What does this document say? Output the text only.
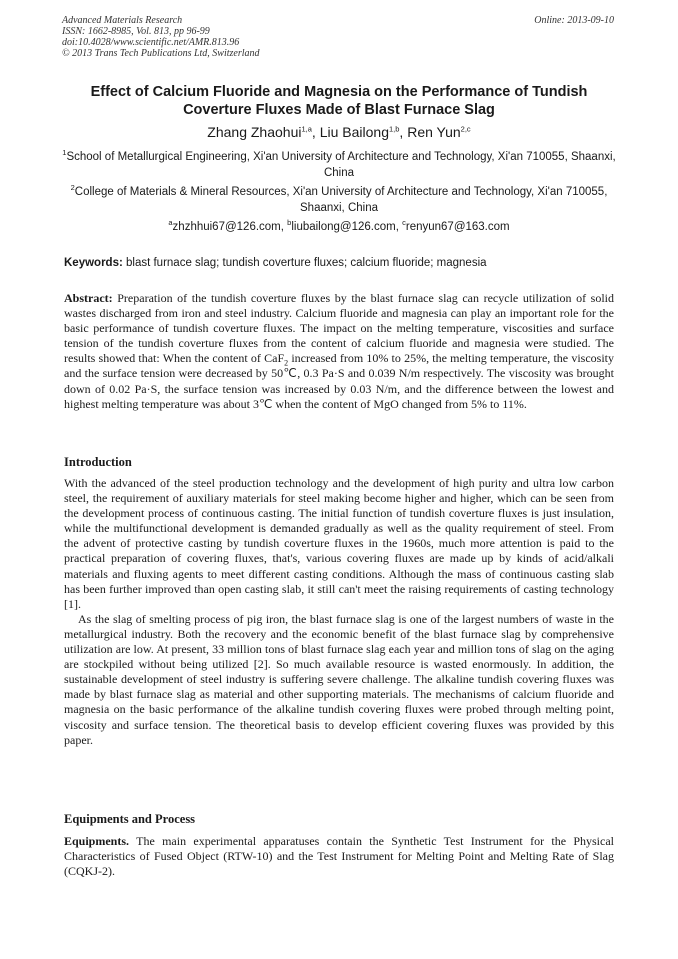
Advanced Materials Research
ISSN: 1662-8985, Vol. 813, pp 96-99
doi:10.4028/www.scientific.net/AMR.813.96
© 2013 Trans Tech Publications Ltd, Switzerland
Online: 2013-09-10
Effect of Calcium Fluoride and Magnesia on the Performance of Tundish Coverture Fluxes Made of Blast Furnace Slag
Zhang Zhaohui$^{1,a}$, Liu Bailong$^{1,b}$, Ren Yun$^{2,c}$
$^1$School of Metallurgical Engineering, Xi'an University of Architecture and Technology, Xi'an 710055, Shaanxi, China
$^2$College of Materials & Mineral Resources, Xi'an University of Architecture and Technology, Xi'an 710055, Shaanxi, China
$^a$zhzhhui67@126.com, $^b$liubailong@126.com, $^c$renyun67@163.com
Keywords: blast furnace slag; tundish coverture fluxes; calcium fluoride; magnesia
Abstract: Preparation of the tundish coverture fluxes by the blast furnace slag can recycle utilization of solid wastes discharged from iron and steel industry. Calcium fluoride and magnesia can play an important role for the basic performance of tundish coverture fluxes. The impact on the melting temperature, viscosities and surface tension of the tundish coverture fluxes from the content of calcium fluoride and magnesia were studied. The results showed that: When the content of CaF$_2$ increased from 10% to 25%, the melting temperature, the viscosity and the surface tension were decreased by 50℃, 0.3 Pa·S and 0.039 N/m respectively. The viscosity was brought down of 0.02 Pa·S, the surface tension was increased by 0.03 N/m, and the difference between the lowest and highest melting temperature was about 3℃ when the content of MgO changed from 5% to 11%.
Introduction

With the advanced of the steel production technology and the development of high purity and ultra low carbon steel, the requirement of auxiliary materials for steel making become higher and higher, which can be seen from the development process of continuous casting. The initial function of tundish coverture fluxes is just insulation, while the multifunctional development is demanded gradually as well as the quality requirement of steel. From the advent of protective casting by tundish coverture fluxes in the 1960s, much more attention is paid to the practical preparation of covering fluxes, that's, various covering fluxes are made up by kinds of acid/alkali materials and fluxing agents to meet different casting conditions. Although the mass of continuous casting slab has been further improved than open casting slab, it still can't meet the raising requirements of casting technology [1].

As the slag of smelting process of pig iron, the blast furnace slag is one of the largest numbers of waste in the metallurgical industry. Both the recovery and the economic benefit of the blast furnace slag by comprehensive utilization are low. At present, 33 million tons of blast furnace slag each year and million tons of slag on the aging are stockpiled without being utilized [2]. So much available resource is wasted enormously. In addition, the sustainable development of steel industry is suffering severe challenge. The alkaline tundish covering fluxes was made by blast furnace slag as material and other supporting materials. The mechanisms of calcium fluoride and magnesia on the basic performance of the alkaline tundish covering fluxes were probed through melting point, viscosity and surface tension. The theoretical basis to develop efficient covering fluxes was provided by this paper.

Equipments and Process
Equipments. The main experimental apparatuses contain the Synthetic Test Instrument for the Physical Characteristics of Fused Object (RTW-10) and the Test Instrument for Melting Point and Melting Rate of Slag (CQKJ-2).
